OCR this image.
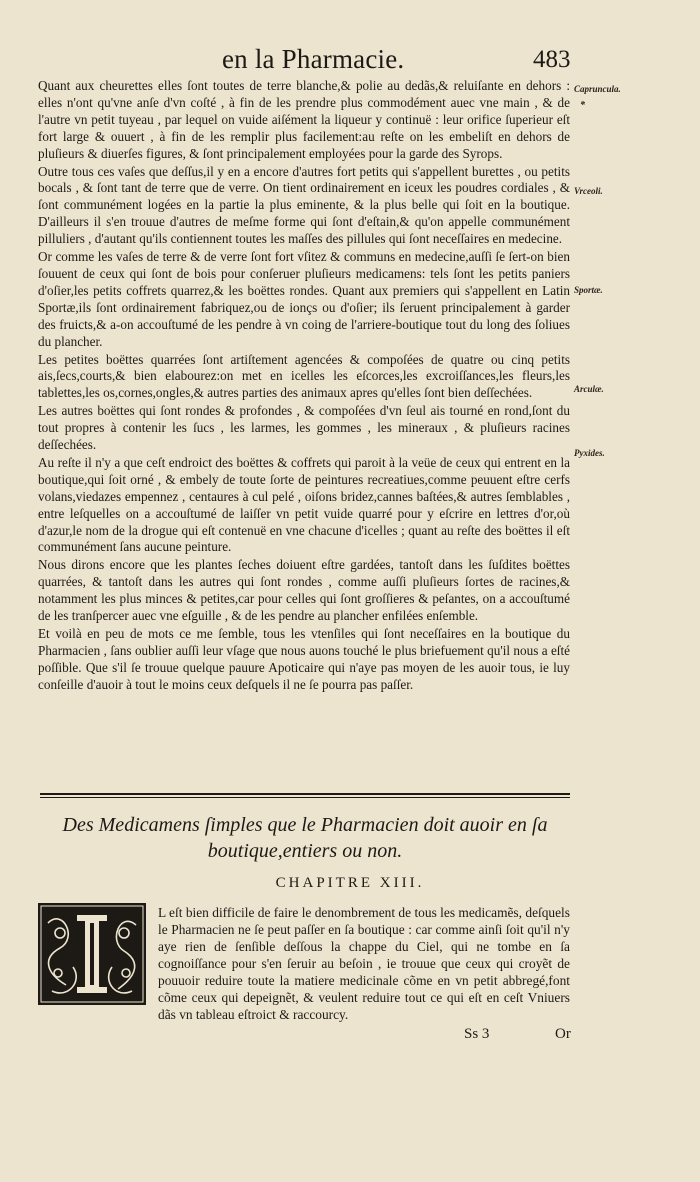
en la Pharmacie.	483
Capruncula.
*
Vrceoli.
Sportæ.
Arculæ.
Pyxides.

Quant aux cheurettes elles ſont toutes de terre blanche,& polie au dedãs,& reluiſante en dehors : elles n'ont qu'vne anſe d'vn coſté , à fin de les prendre plus commodément auec vne main , & de l'autre vn petit tuyeau , par lequel on vuide aiſément la liqueur y continuë : leur orifice ſuperieur eſt fort large & ouuert , à fin de les remplir plus facilement:au reſte on les embeliſt en dehors de pluſieurs & diuerſes figures, & ſont principalement employées pour la garde des Syrops.

Outre tous ces vaſes que deſſus,il y en a encore d'autres fort petits qui s'appellent burettes , ou petits bocals , & ſont tant de terre que de verre. On tient ordinairement en iceux les poudres cordiales , & ſont communément logées en la partie la plus eminente, & la plus belle qui ſoit en la boutique. D'ailleurs il s'en trouue d'autres de meſme forme qui ſont d'eſtain,& qu'on appelle communément pilluliers , d'autant qu'ils contiennent toutes les maſſes des pillules qui ſont neceſſaires en medecine.

Or comme les vaſes de terre & de verre ſont fort vſitez & communs en medecine,auſſi ſe ſert-on bien ſouuent de ceux qui ſont de bois pour conſeruer pluſieurs medicamens: tels ſont les petits paniers d'oſier,les petits coffrets quarrez,& les boëttes rondes. Quant aux premiers qui s'appellent en Latin Sportæ,ils ſont ordinairement fabriquez,ou de ionçs ou d'oſier; ils ſeruent principalement à garder des fruicts,& a-on accouſtumé de les pendre à vn coing de l'arriere-boutique tout du long des ſoliues du plancher.

Les petites boëttes quarrées ſont artiſtement agencées & compoſées de quatre ou cinq petits ais,ſecs,courts,& bien elabourez:on met en icelles les eſcorces,les excroiſſances,les fleurs,les tablettes,les os,cornes,ongles,& autres parties des animaux apres qu'elles ſont bien deſſechées.

Les autres boëttes qui ſont rondes & profondes , & compoſées d'vn ſeul ais tourné en rond,ſont du tout propres à contenir les ſucs , les larmes, les gommes , les mineraux , & pluſieurs racines deſſechées.

Au reſte il n'y a que ceſt endroict des boëttes & coffrets qui paroit à la veüe de ceux qui entrent en la boutique,qui ſoit orné , & embely de toute ſorte de peintures recreatiues,comme peuuent eſtre cerfs volans,viedazes empennez , centaures à cul pelé , oiſons bridez,cannes baſtées,& autres ſemblables , entre leſquelles on a accouſtumé de laiſſer vn petit vuide quarré pour y eſcrire en lettres d'or,où d'azur,le nom de la drogue qui eſt contenuë en vne chacune d'icelles ; quant au reſte des boëttes il eſt communément ſans aucune peinture.

Nous dirons encore que les plantes ſeches doiuent eſtre gardées, tantoſt dans les ſuſdites boëttes quarrées, & tantoſt dans les autres qui ſont rondes , comme auſſi pluſieurs ſortes de racines,& notamment les plus minces & petites,car pour celles qui ſont groſſieres & peſantes, on a accouſtumé de les tranſpercer auec vne eſguille , & de les pendre au plancher enfilées enſemble.

Et voilà en peu de mots ce me ſemble, tous les vtenſiles qui ſont neceſſaires en la boutique du Pharmacien , ſans oublier auſſi leur vſage que nous auons touché le plus briefuement qu'il nous a eſté poſſible. Que s'il ſe trouue quelque pauure Apoticaire qui n'aye pas moyen de les auoir tous, ie luy conſeille d'auoir à tout le moins ceux deſquels il ne ſe pourra pas paſſer.

Des Medicamens ſimples que le Pharmacien doit auoir en ſa boutique,entiers ou non.
CHAPITRE XIII.
L eſt bien difficile de faire le denombrement de tous les medicamẽs, deſquels le Pharmacien ne ſe peut paſſer en ſa boutique : car comme ainſi ſoit qu'il n'y aye rien de ſenſible deſſous la chappe du Ciel, qui ne tombe en ſa cognoiſſance pour s'en ſeruir au beſoin , ie trouue que ceux qui croyẽt de pouuoir reduire toute la matiere medicinale cõme en vn petit abbregé,font cõme ceux qui depeignẽt, & veulent reduire tout ce qui eſt en ceſt Vniuers dãs vn tableau eſtroict & raccourcy.
Ss 3	Or
